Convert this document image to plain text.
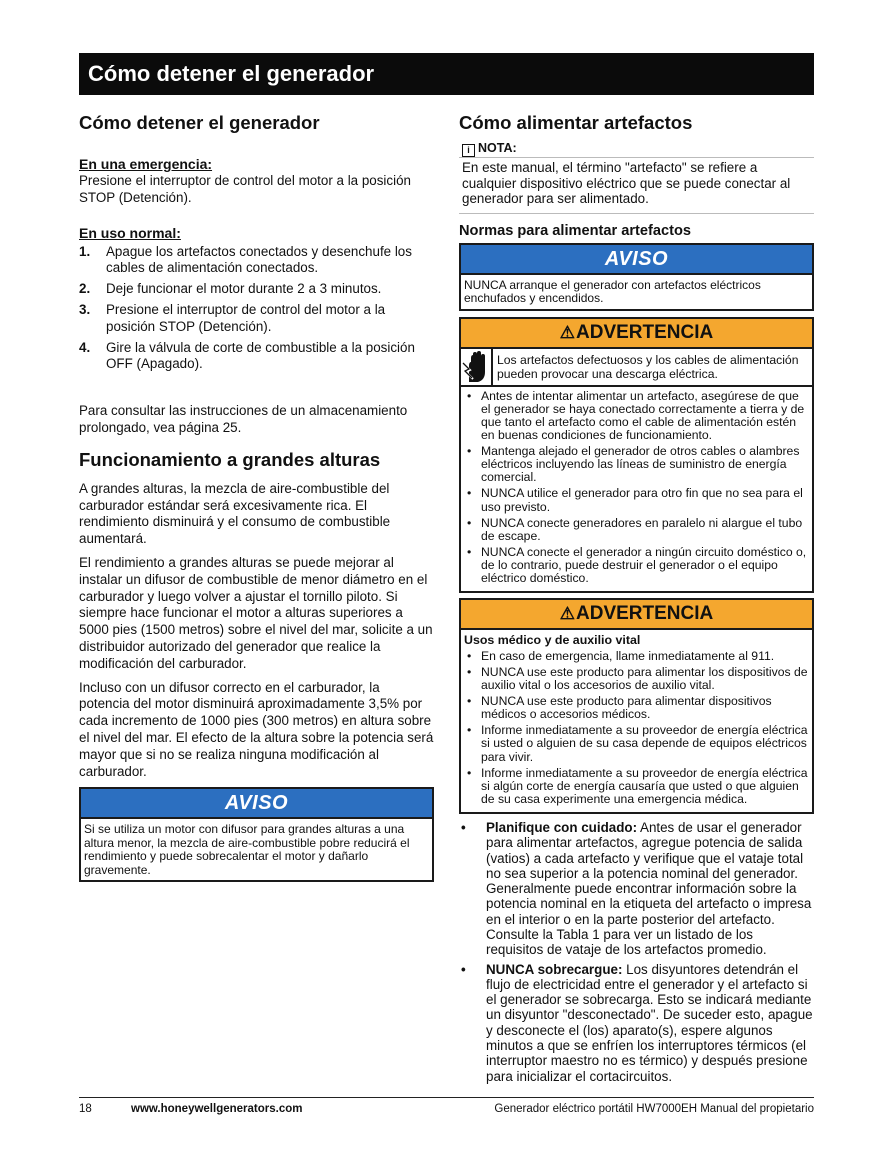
Cómo detener el generador
Cómo detener el generador
En una emergencia:

Presione el interruptor de control del motor a la posición STOP (Detención).

En uso normal:
1. Apague los artefactos conectados y desenchufe los cables de alimentación conectados.
2. Deje funcionar el motor durante 2 a 3 minutos.
3. Presione el interruptor de control del motor a la posición STOP (Detención).
4. Gire la válvula de corte de combustible a la posición OFF (Apagado).

Para consultar las instrucciones de un almacenamiento prolongado, vea página 25.

Funcionamiento a grandes alturas

A grandes alturas, la mezcla de aire-combustible del carburador estándar será excesivamente rica. El rendimiento disminuirá y el consumo de combustible aumentará.

El rendimiento a grandes alturas se puede mejorar al instalar un difusor de combustible de menor diámetro en el carburador y luego volver a ajustar el tornillo piloto. Si siempre hace funcionar el motor a alturas superiores a 5000 pies (1500 metros) sobre el nivel del mar, solicite a un distribuidor autorizado del generador que realice la modificación del carburador.

Incluso con un difusor correcto en el carburador, la potencia del motor disminuirá aproximadamente 3,5% por cada incremento de 1000 pies (300 metros) en altura sobre el nivel del mar. El efecto de la altura sobre la potencia será mayor que si no se realiza ninguna modificación al carburador.

AVISO
Si se utiliza un motor con difusor para grandes alturas a una altura menor, la mezcla de aire-combustible pobre reducirá el rendimiento y puede sobrecalentar el motor y dañarlo gravemente.
Cómo alimentar artefactos
i NOTA:
En este manual, el término "artefacto" se refiere a cualquier dispositivo eléctrico que se puede conectar al generador para ser alimentado.
Normas para alimentar artefactos
AVISO
NUNCA arranque el generador con artefactos eléctricos enchufados y encendidos.
⚠ADVERTENCIA
Los artefactos defectuosos y los cables de alimentación pueden provocar una descarga eléctrica.
• Antes de intentar alimentar un artefacto, asegúrese de que el generador se haya conectado correctamente a tierra y de que tanto el artefacto como el cable de alimentación estén en buenas condiciones de funcionamiento.
• Mantenga alejado el generador de otros cables o alambres eléctricos incluyendo las líneas de suministro de energía comercial.
• NUNCA utilice el generador para otro fin que no sea para el uso previsto.
• NUNCA conecte generadores en paralelo ni alargue el tubo de escape.
• NUNCA conecte el generador a ningún circuito doméstico o, de lo contrario, puede destruir el generador o el equipo eléctrico doméstico.
⚠ADVERTENCIA
Usos médico y de auxilio vital
• En caso de emergencia, llame inmediatamente al 911.
• NUNCA use este producto para alimentar los dispositivos de auxilio vital o los accesorios de auxilio vital.
• NUNCA use este producto para alimentar dispositivos médicos o accesorios médicos.
• Informe inmediatamente a su proveedor de energía eléctrica si usted o alguien de su casa depende de equipos eléctricos para vivir.
• Informe inmediatamente a su proveedor de energía eléctrica si algún corte de energía causaría que usted o que alguien de su casa experimente una emergencia médica.
• Planifique con cuidado: Antes de usar el generador para alimentar artefactos, agregue potencia de salida (vatios) a cada artefacto y verifique que el vataje total no sea superior a la potencia nominal del generador. Generalmente puede encontrar información sobre la potencia nominal en la etiqueta del artefacto o impresa en el interior o en la parte posterior del artefacto. Consulte la Tabla 1 para ver un listado de los requisitos de vataje de los artefactos promedio.
• NUNCA sobrecargue: Los disyuntores detendrán el flujo de electricidad entre el generador y el artefacto si el generador se sobrecarga. Esto se indicará mediante un disyuntor "desconectado". De suceder esto, apague y desconecte el (los) aparato(s), espere algunos minutos a que se enfríen los interruptores térmicos (el interruptor maestro no es térmico) y después presione para inicializar el cortacircuitos.
18	www.honeywellgenerators.com	Generador eléctrico portátil HW7000EH Manual del propietario
